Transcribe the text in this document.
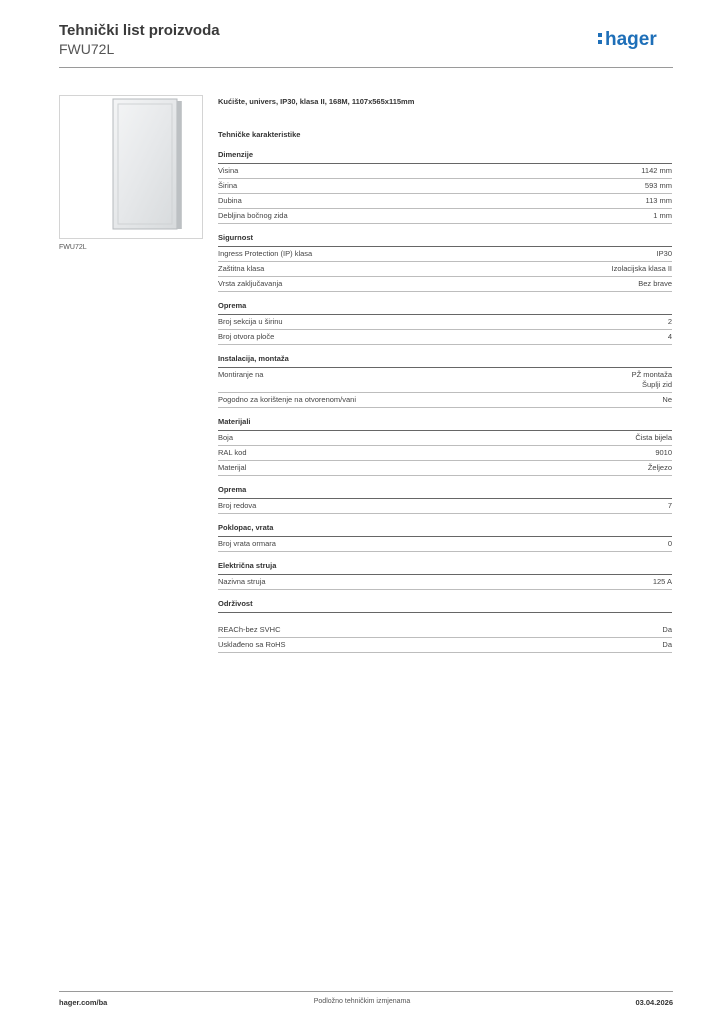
Tehnički list proizvoda
FWU72L	hager
FWU72L
Kućište, univers, IP30, klasa II, 168M, 1107x565x115mm
Tehničke karakteristike
Dimenzije
Visina	1142 mm
Širina	593 mm
Dubina	113 mm
Debljina bočnog zida	1 mm
Sigurnost
Ingress Protection (IP) klasa	IP30
Zaštitna klasa	Izolacijska klasa II
Vrsta zaključavanja	Bez brave
Oprema
Broj sekcija u širinu	2
Broj otvora ploče	4
Instalacija, montaža
Montiranje na	PŽ montaža
Šuplji zid
Pogodno za korištenje na otvorenom/vani	Ne
Materijali
Boja	Čista bijela
RAL kod	9010
Materijal	Željezo
Oprema
Broj redova	7
Poklopac, vrata
Broj vrata ormara	0
Električna struja
Nazivna struja	125 A
Održivost
REACh-bez SVHC	Da
Usklađeno sa RoHS	Da
hager.com/ba	Podložno tehničkim izmjenama	03.04.2026
